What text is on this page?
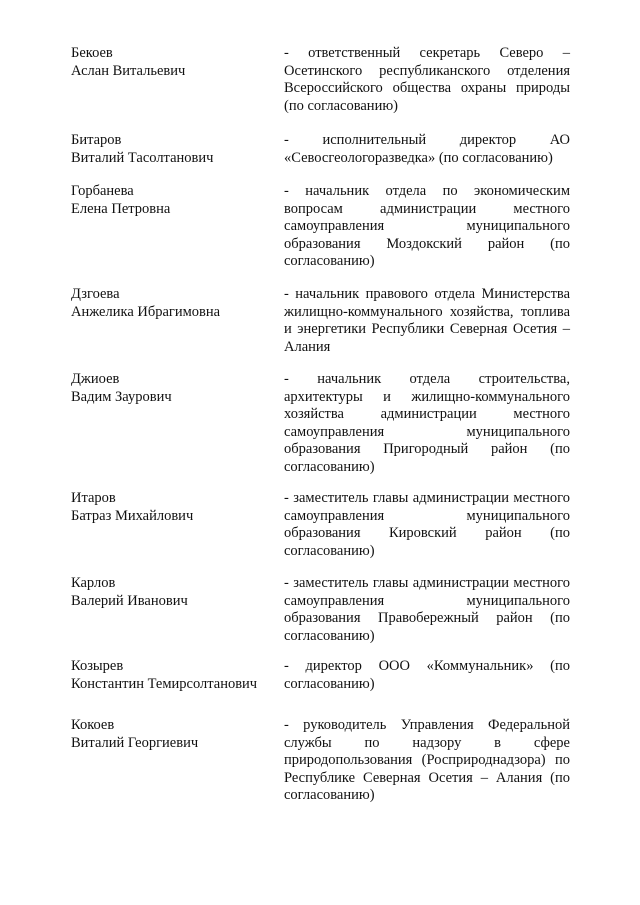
Бекоев
Аслан Витальевич
- ответственный секретарь Северо – Осетинского республиканского отделения Всероссийского общества охраны природы (по согласованию)
Битаров
Виталий Тасолтанович
- исполнительный директор АО «Севосгеологоразведка» (по согласованию)
Горбанева
Елена Петровна
- начальник отдела по экономическим вопросам администрации местного самоуправления муниципального образования Моздокский район (по согласованию)
Дзгоева
Анжелика Ибрагимовна
- начальник правового отдела Министерства жилищно-коммунального хозяйства, топлива и энергетики Республики Северная Осетия – Алания
Джиоев
Вадим Заурович
- начальник отдела строительства, архитектуры и жилищно-коммунального хозяйства администрации местного самоуправления муниципального образования Пригородный район (по согласованию)
Итаров
Батраз Михайлович
- заместитель главы администрации местного самоуправления муниципального образования Кировский район (по согласованию)
Карлов
Валерий Иванович
- заместитель главы администрации местного самоуправления муниципального образования Правобережный район (по согласованию)
Козырев
Константин Темирсолтанович
- директор ООО «Коммунальник» (по согласованию)
Кокоев
Виталий Георгиевич
- руководитель Управления Федеральной службы по надзору в сфере природопользования (Росприроднадзора) по Республике Северная Осетия – Алания (по согласованию)
